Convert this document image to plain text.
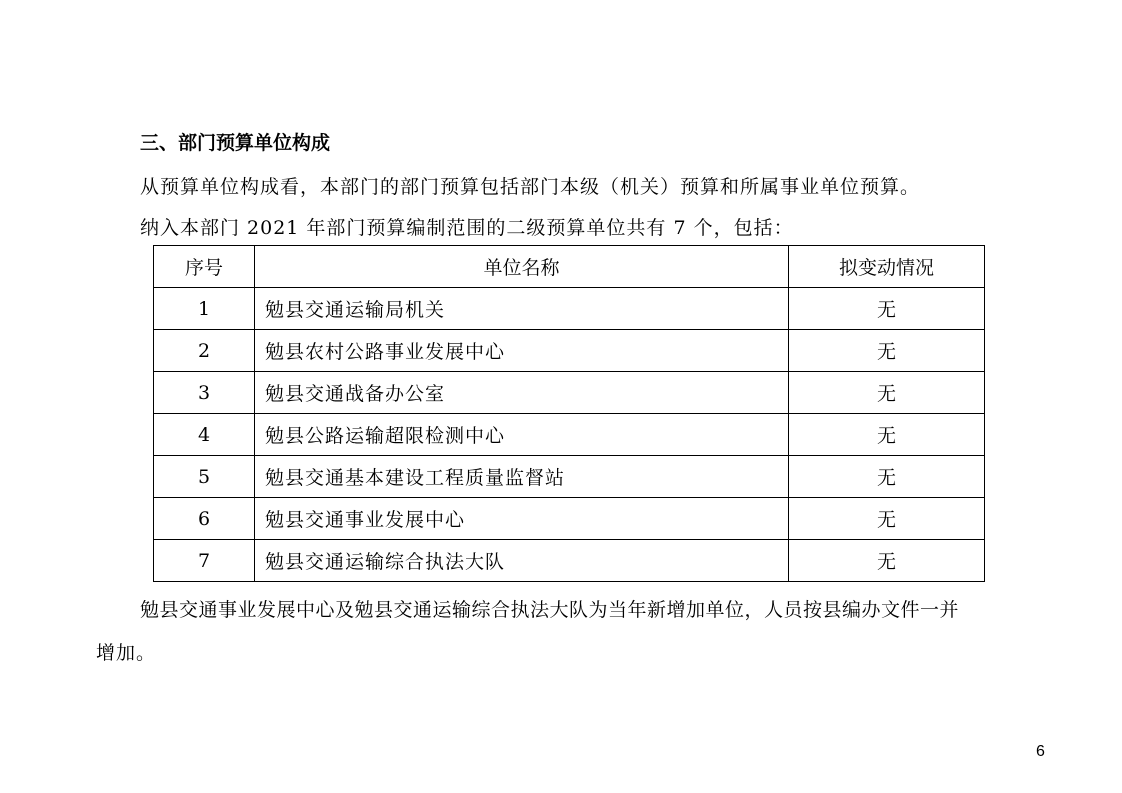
三、部门预算单位构成
从预算单位构成看，本部门的部门预算包括部门本级（机关）预算和所属事业单位预算。
纳入本部门 2021 年部门预算编制范围的二级预算单位共有 7 个，包括：
序号	单位名称	拟变动情况
1	勉县交通运输局机关	无
2	勉县农村公路事业发展中心	无
3	勉县交通战备办公室	无
4	勉县公路运输超限检测中心	无
5	勉县交通基本建设工程质量监督站	无
6	勉县交通事业发展中心	无
7	勉县交通运输综合执法大队	无
勉县交通事业发展中心及勉县交通运输综合执法大队为当年新增加单位，人员按县编办文件一并
增加。
6
